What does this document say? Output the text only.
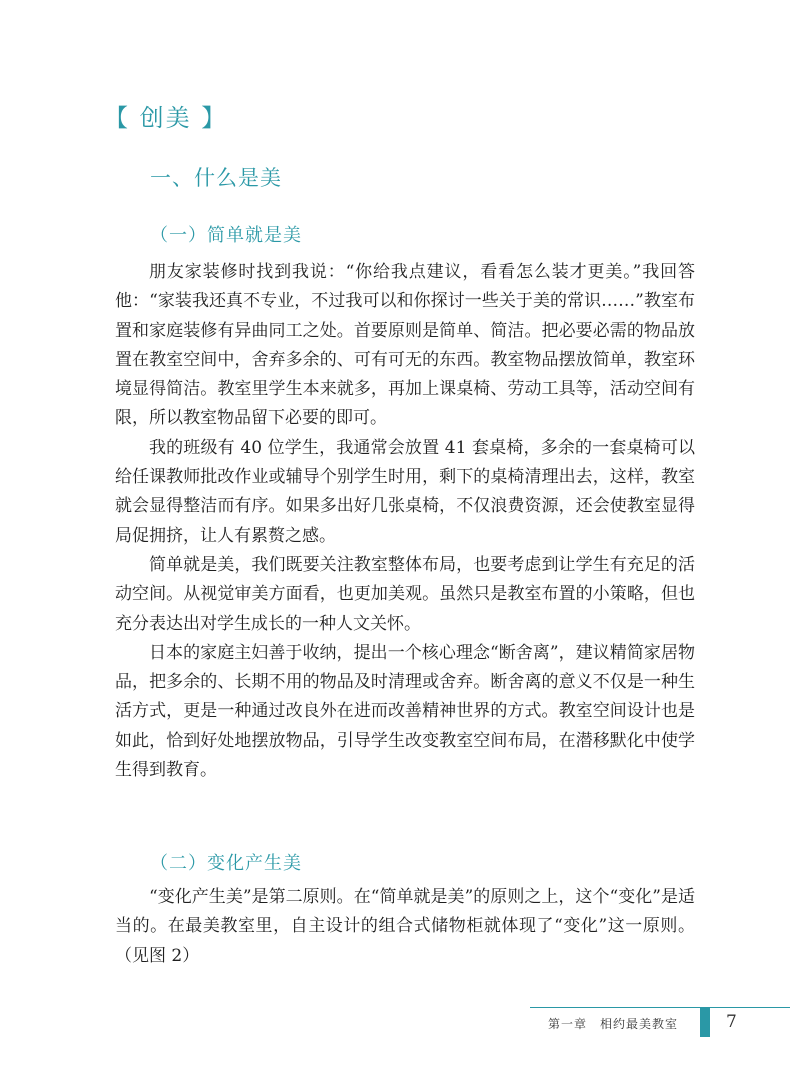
【 创美 】
一、什么是美
（一）简单就是美

朋友家装修时找到我说：“你给我点建议，看看怎么装才更美。”我回答他：“家装我还真不专业，不过我可以和你探讨一些关于美的常识……”教室布置和家庭装修有异曲同工之处。首要原则是简单、简洁。把必要必需的物品放置在教室空间中，舍弃多余的、可有可无的东西。教室物品摆放简单，教室环境显得简洁。教室里学生本来就多，再加上课桌椅、劳动工具等，活动空间有限，所以教室物品留下必要的即可。

我的班级有 40 位学生，我通常会放置 41 套桌椅，多余的一套桌椅可以给任课教师批改作业或辅导个别学生时用，剩下的桌椅清理出去，这样，教室就会显得整洁而有序。如果多出好几张桌椅，不仅浪费资源，还会使教室显得局促拥挤，让人有累赘之感。

简单就是美，我们既要关注教室整体布局，也要考虑到让学生有充足的活动空间。从视觉审美方面看，也更加美观。虽然只是教室布置的小策略，但也充分表达出对学生成长的一种人文关怀。

日本的家庭主妇善于收纳，提出一个核心理念“断舍离”，建议精简家居物品，把多余的、长期不用的物品及时清理或舍弃。断舍离的意义不仅是一种生活方式，更是一种通过改良外在进而改善精神世界的方式。教室空间设计也是如此，恰到好处地摆放物品，引导学生改变教室空间布局，在潜移默化中使学生得到教育。

（二）变化产生美

“变化产生美”是第二原则。在“简单就是美”的原则之上，这个“变化”是适当的。在最美教室里，自主设计的组合式储物柜就体现了“变化”这一原则。（见图 2）

第一章　相约最美教室	7
